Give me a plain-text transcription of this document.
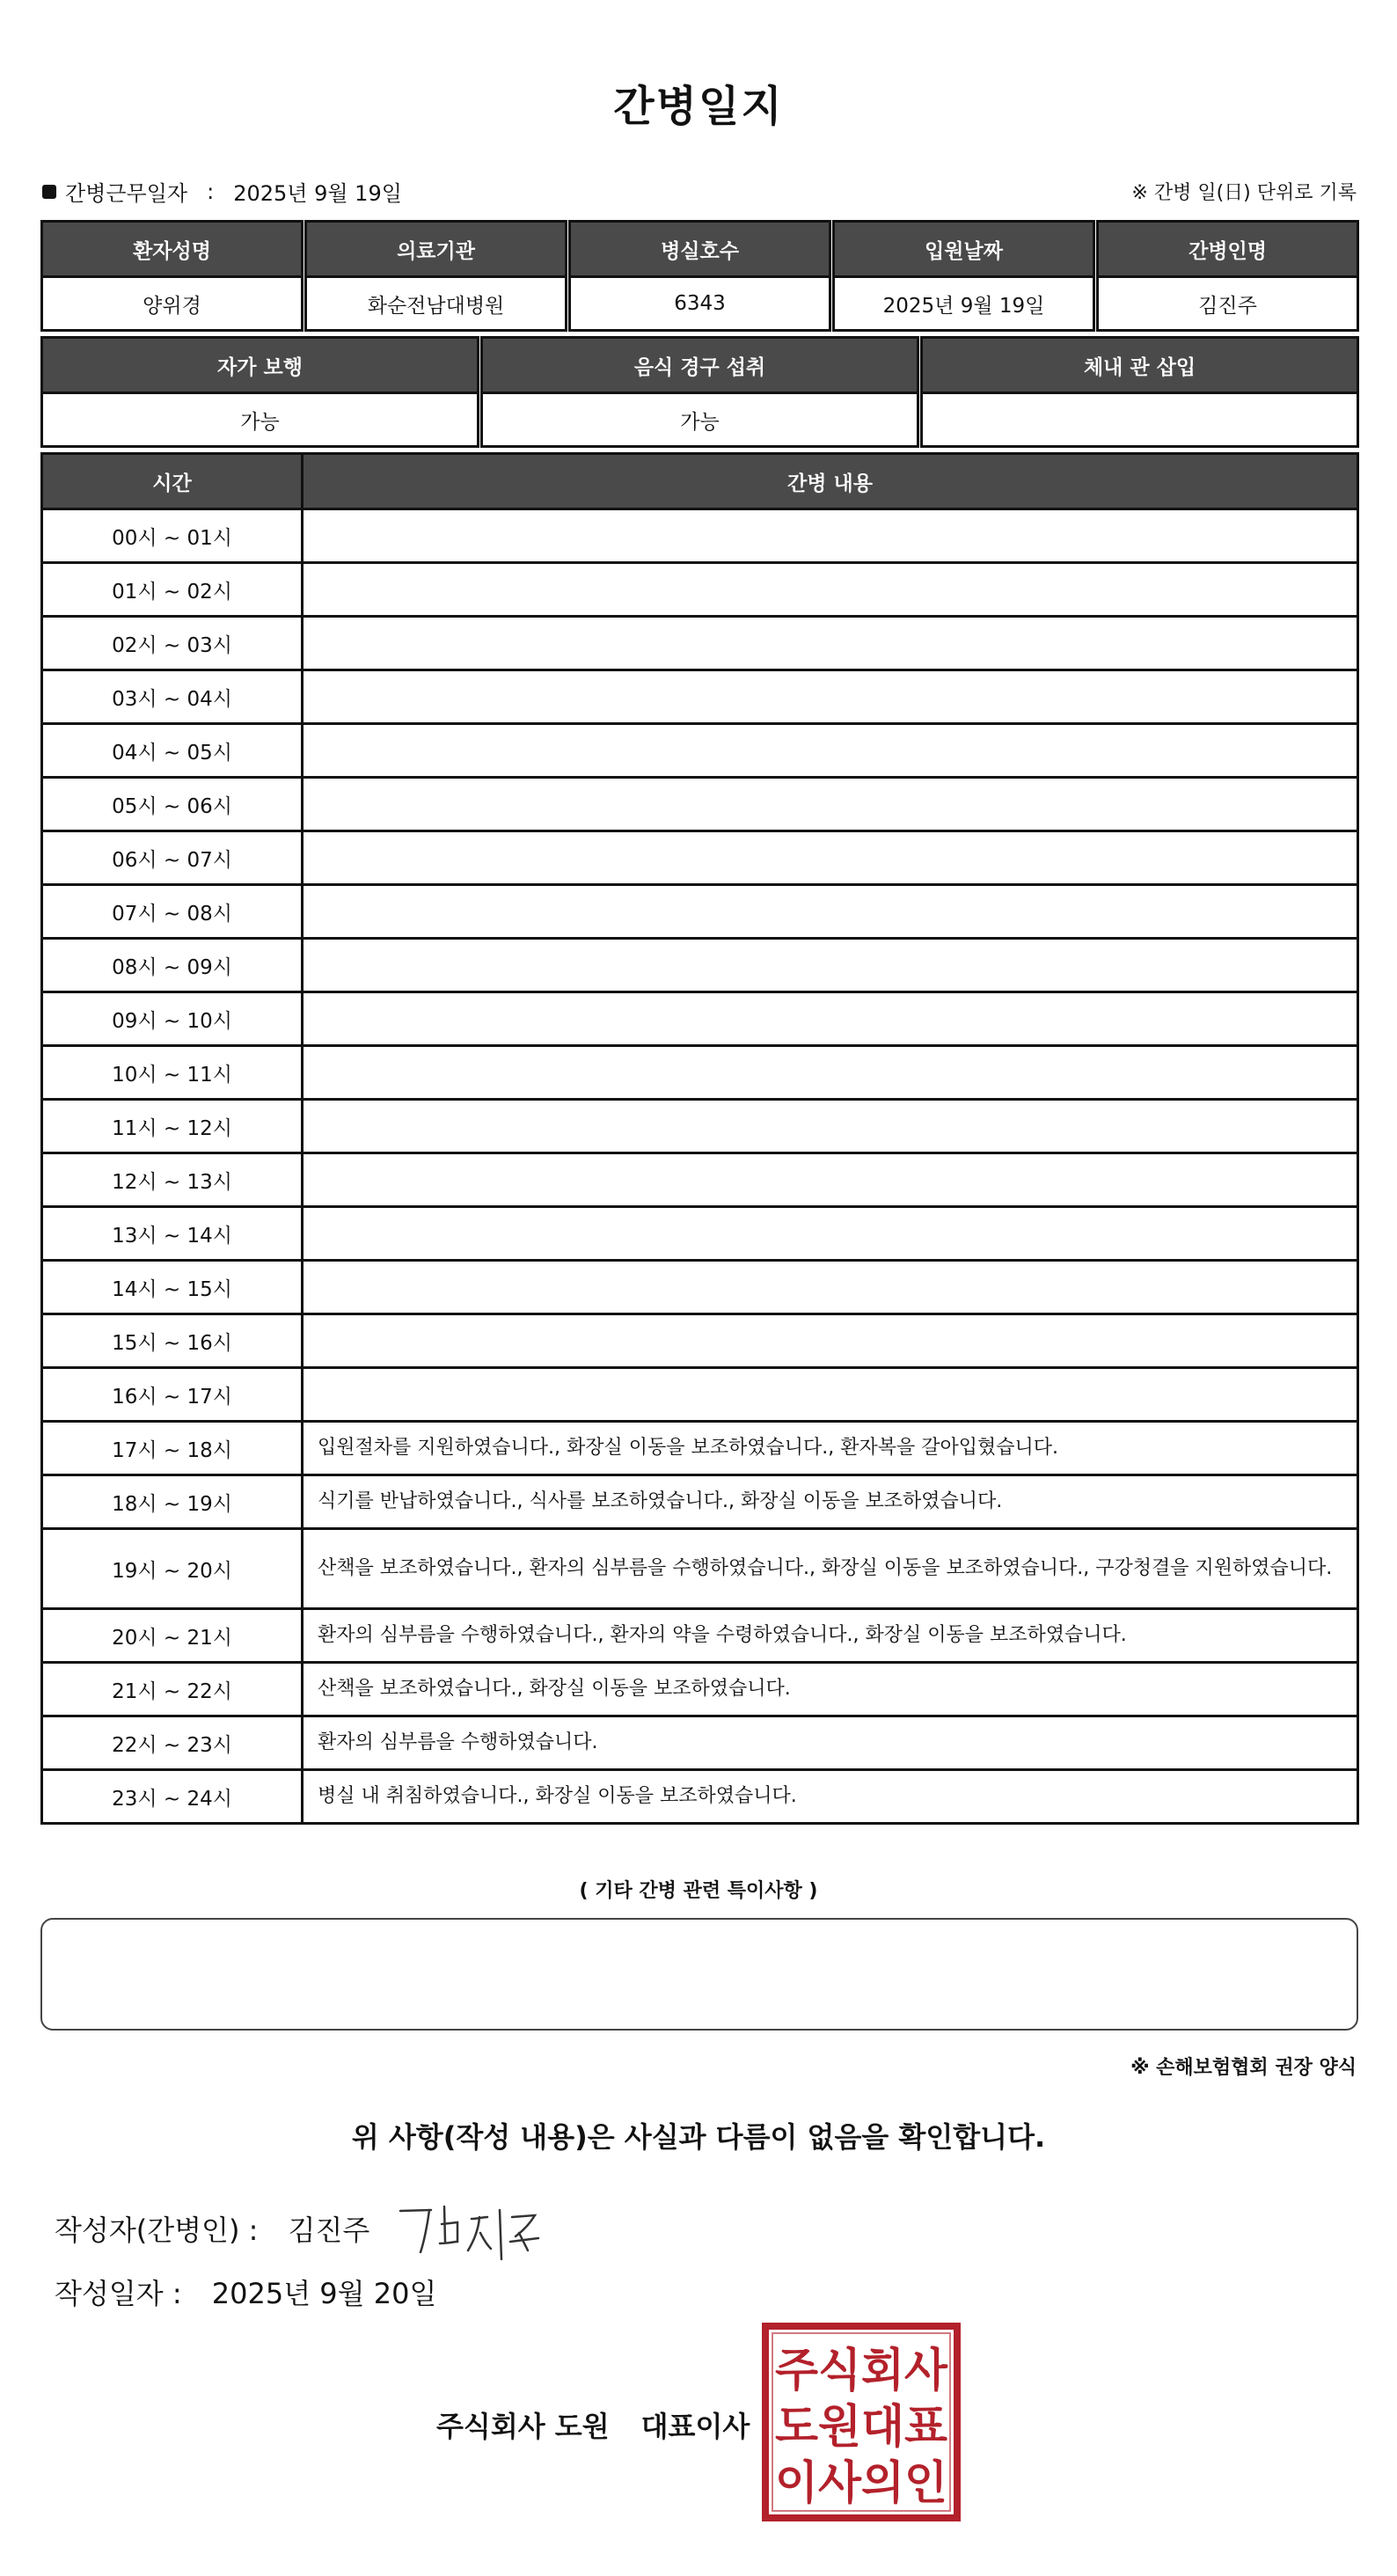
간병일지
간병근무일자 : 2025년 9월 19일	※ 간병 일(日) 단위로 기록
환자성명		의료기관		병실호수		입원날짜		간병인명
양위경		화순전남대병원		6343		2025년 9월 19일		김진주
자가 보행		음식 경구 섭취		체내 관 삽입
가능		가능		
시간	간병 내용
00시 ~ 01시	
01시 ~ 02시	
02시 ~ 03시	
03시 ~ 04시	
04시 ~ 05시	
05시 ~ 06시	
06시 ~ 07시	
07시 ~ 08시	
08시 ~ 09시	
09시 ~ 10시	
10시 ~ 11시	
11시 ~ 12시	
12시 ~ 13시	
13시 ~ 14시	
14시 ~ 15시	
15시 ~ 16시	
16시 ~ 17시	
17시 ~ 18시	입원절차를 지원하였습니다., 화장실 이동을 보조하였습니다., 환자복을 갈아입혔습니다.
18시 ~ 19시	식기를 반납하였습니다., 식사를 보조하였습니다., 화장실 이동을 보조하였습니다.
19시 ~ 20시	산책을 보조하였습니다., 환자의 심부름을 수행하였습니다., 화장실 이동을 보조하였습니다., 구강청결을 지원하였습니다.
20시 ~ 21시	환자의 심부름을 수행하였습니다., 환자의 약을 수령하였습니다., 화장실 이동을 보조하였습니다.
21시 ~ 22시	산책을 보조하였습니다., 화장실 이동을 보조하였습니다.
22시 ~ 23시	환자의 심부름을 수행하였습니다.
23시 ~ 24시	병실 내 취침하였습니다., 화장실 이동을 보조하였습니다.
( 기타 간병 관련 특이사항 )
※ 손해보험협회 권장 양식
위 사항(작성 내용)은 사실과 다름이 없음을 확인합니다.
작성자(간병인) : 김진주
작성일자 : 2025년 9월 20일
주식회사 도원 대표이사
주식회사
도원대표
이사의인
